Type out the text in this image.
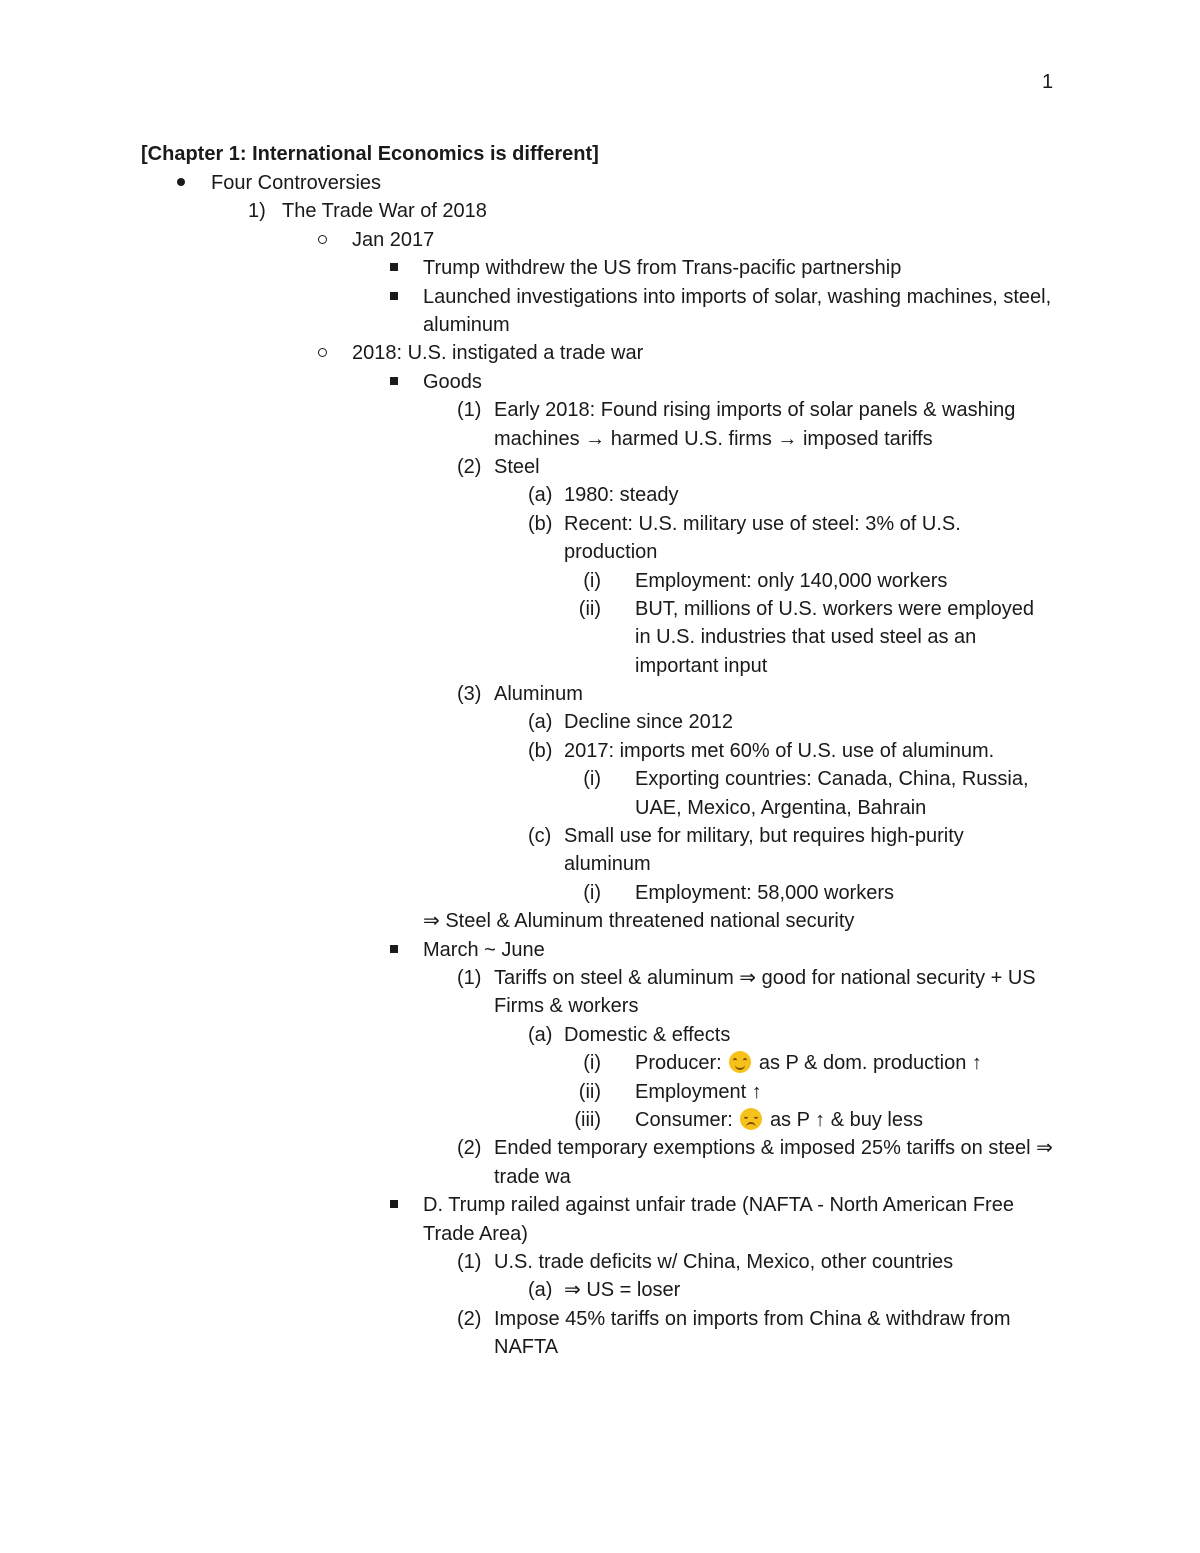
1
[Chapter 1: International Economics is different]
Four Controversies
1) The Trade War of 2018
Jan 2017
Trump withdrew the US from Trans-pacific partnership
Launched investigations into imports of solar, washing machines, steel, aluminum
2018: U.S. instigated a trade war
Goods
(1) Early 2018: Found rising imports of solar panels & washing machines → harmed U.S. firms → imposed tariffs
(2) Steel
(a) 1980: steady
(b) Recent: U.S. military use of steel: 3% of U.S. production
(i) Employment: only 140,000 workers
(ii) BUT, millions of U.S. workers were employed in U.S. industries that used steel as an important input
(3) Aluminum
(a) Decline since 2012
(b) 2017: imports met 60% of U.S. use of aluminum.
(i) Exporting countries: Canada, China, Russia, UAE, Mexico, Argentina, Bahrain
(c) Small use for military, but requires high-purity aluminum
(i) Employment: 58,000 workers
⇒ Steel & Aluminum threatened national security
March ~ June
(1) Tariffs on steel & aluminum ⇒ good for national security + US Firms & workers
(a) Domestic & effects
(i) Producer: as P & dom. production ↑
(ii) Employment ↑
(iii) Consumer: as P ↑ & buy less
(2) Ended temporary exemptions & imposed 25% tariffs on steel ⇒ trade wa
D. Trump railed against unfair trade (NAFTA - North American Free Trade Area)
(1) U.S. trade deficits w/ China, Mexico, other countries
(a) ⇒ US = loser
(2) Impose 45% tariffs on imports from China & withdraw from NAFTA
